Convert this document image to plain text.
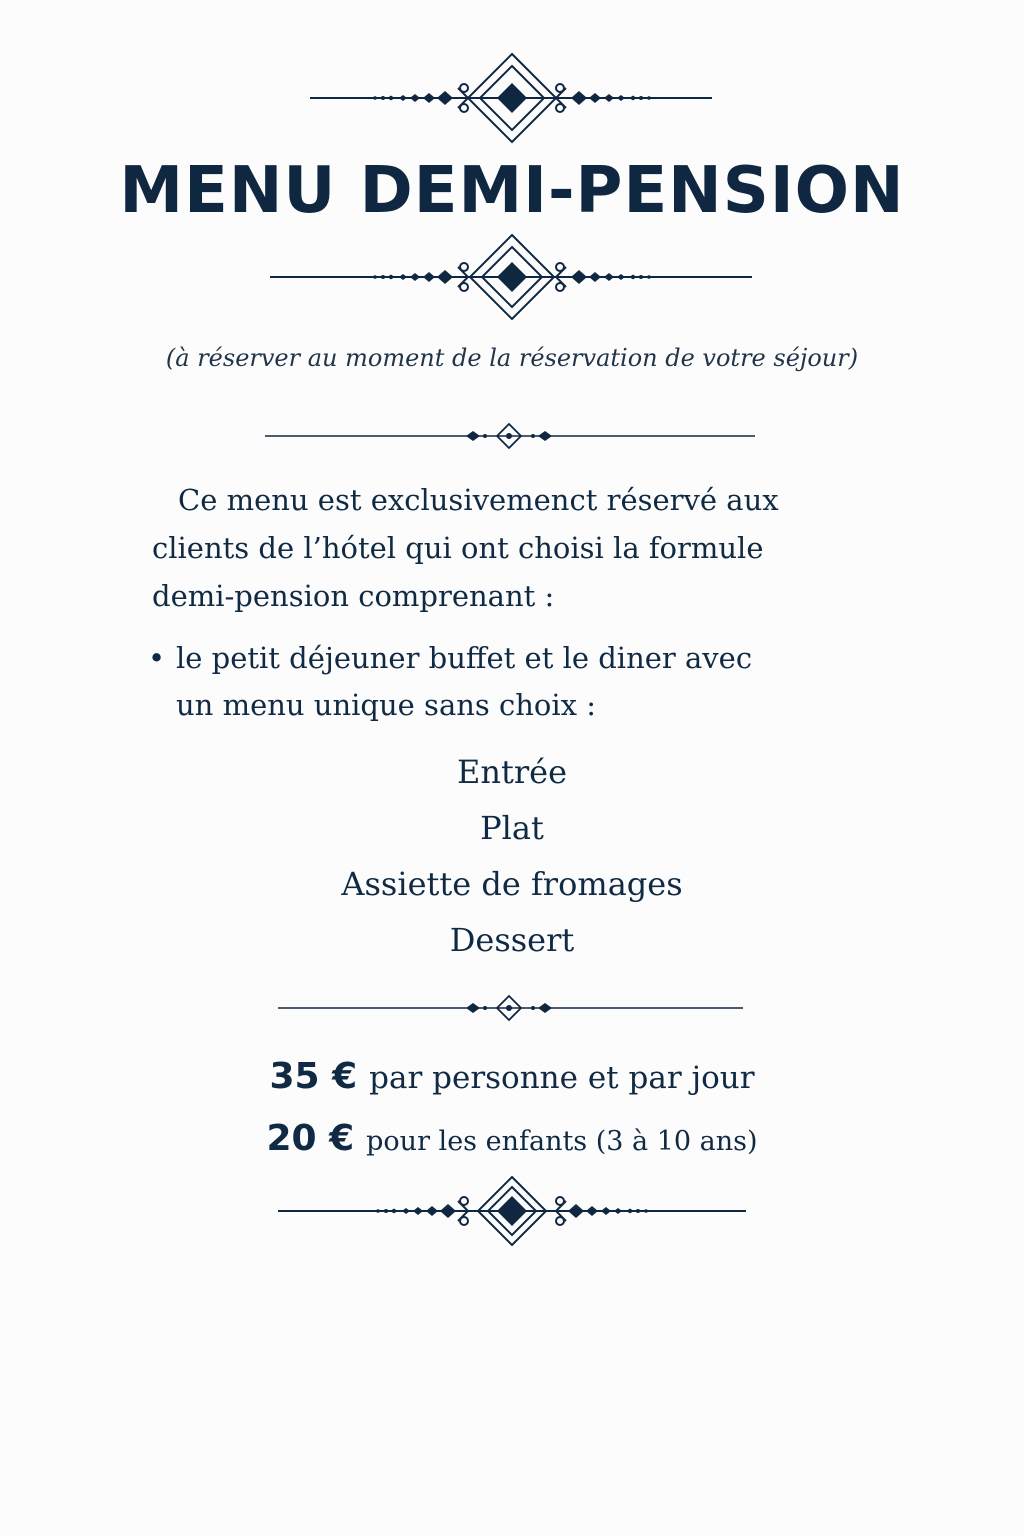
MENU DEMI-PENSION

(à réserver au moment de la réservation de votre séjour)

Ce menu est exclusivemenct réservé aux
clients de l’hótel qui ont choisi la formule
demi-pension comprenant :
• le petit déjeuner buffet et le diner avec
un menu unique sans choix :
Entrée
Plat
Assiette de fromages
Dessert
35 € par personne et par jour
20 € pour les enfants (3 à 10 ans)
